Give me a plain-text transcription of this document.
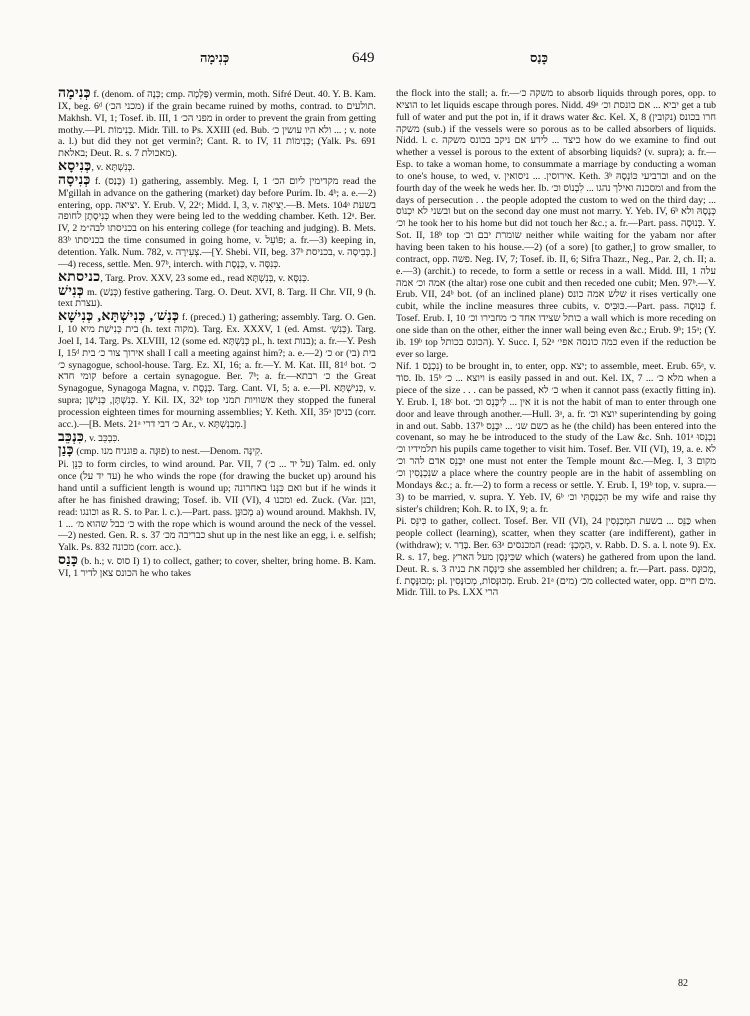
כְּנִימָה	649	כָּנַס

כְּנִימָה f. (denom. of כְּנָה; cmp. פַּלְמָה) vermin, moth. Sifré Deut. 40. Y. B. Kam. IX, beg. 6ᵈ (מכני הכ׳) if the grain became ruined by moths, contrad. to תולעים. Makhsh. VI, 1; Tosef. ib. III, 1 מפני הכ׳ in order to prevent the grain from getting mothy.—Pl. כְּנִימוֹת. Midr. Till. to Ps. XXIII (ed. Bub. ולא היו עושין כ׳ ... ; v. note a. l.) but did they not get vermin?; Cant. R. to IV, 11 כְּנִימוֹת; (Yalk. Ps. 691 באלאת; Deut. R. s. 7 מאכולת).

כְּנִיסָא, v. כְּנִשְׁתָּא.

כְּנִיסָה f. (כָּנַס) 1) gathering, assembly. Meg. I, 1 מקדימין ליום הכ׳ read the M'gillah in advance on the gathering (market) day before Purim. Ib. 4ᵇ; a. e.—2) entering, opp. יציאה. Y. Erub. V, 22ᶜ; Midd. I, 3, v. יְצִיאָה.—B. Mets. 104ᵃ בשעת כְּנִיסָתָן לחופה when they were being led to the wedding chamber. Keth. 12ᵃ. Ber. IV, 2 בכניסתו לבה״מ on his entering college (for teaching and judging). B. Mets. 83ᵇ בכניסתו the time consumed in going home, v. פּוֹעֵל; a. fr.—3) keeping in, detention. Yalk. Num. 782, v. צְעִירָה.—[Y. Shebi. VII, beg. 37ᵇ בכניסת, v. כְּבִיסָה.]—4) recess, settle. Men. 97ᵇ, interch. with כְּנֶסֶת, v. כְּנִסָּה.

כניסתא, Targ. Prov. XXV, 23 some ed., read בְּנִשְׁתָּא, v. כְּנִסָּא.

כְּנִישׁ m. (כְּנַשׁ) festive gathering. Targ. O. Deut. XVI, 8. Targ. II Chr. VII, 9 (h. text עצרת).

כְּנִשׁ׳, כְּנִישְׁתָּא, כְּנִישָׁא f. (preced.) 1) gathering; assembly. Targ. O. Gen. I, 10 בית כְּנִישַׁת מיא (h. text מקוה). Targ. Ex. XXXV, 1 (ed. Amst. כְּנִשְׁ׳). Targ. Joel I, 14. Targ. Ps. XLVIII, 12 (some ed. כְּנִשְׁתָּא pl., h. text בנות); a. fr.—Y. Pesh I, 15ᵈ אירוך צור כ׳ בית shall I call a meeting against him?; a. e.—2) כ׳ or (בי) בית כ׳ synagogue, school-house. Targ. Ez. XI, 16; a. fr.—Y. M. Kat. III, 81ᵈ bot. כ׳ קומי חדא before a certain synagogue. Ber. 7ᵇ; a. fr.—כ׳ רבתא the Great Synagogue, Synagoga Magna, v. כְּנֶסֶת. Targ. Cant. VI, 5; a. e.—Pl. כְּנִישְׁתָּא, v. supra; כְּנִשְׁתָּן, כְּנִישָׁן. Y. Kil. IX, 32ᵇ top אשוויות תמני they stopped the funeral procession eighteen times for mourning assemblies; Y. Keth. XII, 35ᵃ בניסן (corr. acc.).—[B. Mets. 21ᵃ כ׳ דבי דרי Ar., v. מְבַנְשְׁתָּא.]

כִּנְכֵּב, v. כִּבְכֵּב.

כָּנַן (cmp. פוגניח מנו a. פוּגָּה) to nest.—Denom. קִינָּה.

Pi. כִּנֵּן to form circles, to wind around. Par. VII, 7 (על יד ... כ׳) Talm. ed. only once (עד יד על) he who winds the rope (for drawing the bucket up) around his hand until a sufficient length is wound up; ואם כִּנְּנוֹ באחרונה but if he winds it after he has finished drawing; Tosef. ib. VII (VI), 4 ומכנו ed. Zuck. (Var. ובנן, read: וכונגו as R. S. to Par. l. c.).—Part. pass. מְכוּנָּן a) wound around. Makhsh. IV, 1 ... כ׳ כבל שהוא מ׳ with the rope which is wound around the neck of the vessel.—2) nested. Gen. R. s. 37 כבריבה מכ׳ shut up in the nest like an egg, i. e. selfish; Yalk. Ps. 832 מכונה (corr. acc.).

כָּנַס (b. h.; v. סוס I) 1) to collect, gather; to cover, shelter, bring home. B. Kam. VI, 1 הכונס צאן לדיר he who takes

the flock into the stall; a. fr.—משקה כ׳ to absorb liquids through pores, opp. to הוציא to let liquids escape through pores. Nidd. 49ᵃ יביא ... אם כונסת וכ׳ get a tub full of water and put the pot in, if it draws water &c. Kel. X, 8 (נקובין) חרו בכונס משקה (sub.) if the vessels were so porous as to be called absorbers of liquids. Nidd. l. c. כיצד ... לידע אם ניקב בכונס משקה how do we examine to find out whether a vessel is porous to the extent of absorbing liquids? (v. supra); a. fr.—Esp. to take a woman home, to consummate a marriage by conducting a woman to one's house, to wed, v. אירוסין. ... ניסואין. Keth. 3ᵇ וברביעי כּוֹנְסָהּ and on the fourth day of the week he weds her. Ib. ומסכנה ואילך נהגו ... לִבְנוֹס וכ׳ and from the days of persecution . . the people adopted the custom to wed on the third day; ... ובשני לא יִכְנוֹס but on the second day one must not marry. Y. Yeb. IV, 6ᵇ כְּנָסָהּ ולא וכ׳ he took her to his home but did not touch her &c.; a. fr.—Part. pass. כְּנוּסָה. Y. Sot. II, 18ᵇ top שומרת יבם וכ׳ neither while waiting for the yabam nor after having been taken to his house.—2) (of a sore) [to gather,] to grow smaller, to contract, opp. פשה. Neg. IV, 7; Tosef. ib. II, 6; Sifra Thazr., Neg., Par. 2, ch. II; a. e.—3) (archit.) to recede, to form a settle or recess in a wall. Midd. III, 1 עלה אמה וכ׳ אמה (the altar) rose one cubit and then receded one cubit; Men. 97ᵇ.—Y. Erub. VII, 24ᵇ bot. (of an inclined plane) שלש אמה כונס it rises vertically one cubit, while the incline measures three cubits, v. כּוּבִּיס.—Part. pass. כְּנוּסָה f. Tosef. Erub. I, 10 כותל שצידו אחד כ׳ מחבירו וכ׳ a wall which is more receding on one side than on the other, either the inner wall being even &c.; Erub. 9ᵇ; 15ᵃ; (Y. ib. 19ᵇ top הכונס בכותל). Y. Succ. I, 52ᵃ כמה כונסה אפי׳ even if the reduction be ever so large.

Nif. נִכְנַס 1) to be brought in, to enter, opp. יצא; to assemble, meet. Erub. 65ᵃ, v. סוֹד. Ib. 15ᵇ ויוצא ... כ׳ is easily passed in and out. Kel. IX, 7 ... מלא כ׳ when a piece of the size . . . can be passed, כ׳ לא when it cannot pass (exactly fitting in). Y. Erub. I, 18ᶜ bot. אין ... לִיכָּנֵס וכ׳ it is not the habit of man to enter through one door and leave through another.—Hull. 3ᵃ, a. fr. יוצא וכ׳ superintending by going in and out. Sabb. 137ᵇ כשם שנ׳ ... יִכָּנֵס as he (the child) has been entered into the covenant, so may he be introduced to the study of the Law &c. Snh. 101ᵃ נִכְנְסוּ תלמידיו וכ׳ his pupils came together to visit him. Tosef. Ber. VII (VI), 19, a. e. לא יִכָּנֵס אדם להר וכ׳ one must not enter the Temple mount &c.—Meg. I, 3 מקום שנִכְנָסִין וכ׳ a place where the country people are in the habit of assembling on Mondays &c.; a. fr.—2) to form a recess or settle. Y. Erub. I, 19ᵇ top, v. supra.—3) to be married, v. supra. Y. Yeb. IV, 6ᵇ הִכְנַסְתִּי וכ׳ be my wife and raise thy sister's children; Koh. R. to IX, 9; a. fr.

Pi. כִּינֵּס to gather, collect. Tosef. Ber. VII (VI), 24 כַּנֵּס ... בשעת המְכַנְּסִין when people collect (learning), scatter, when they scatter (are indifferent), gather in (withdraw); v. בָּדַר. Ber. 63ᵃ המכנסים (read: הַמְכַנְּ׳, v. Rabb. D. S. a. l. note 9). Ex. R. s. 17, beg. שכִּינְּסָן מעל הארץ which (waters) he gathered from upon the land. Deut. R. s. 3 כִּינְּסָה את בניה she assembled her children; a. fr.—Part. pass. מְכוּנָּס, f. מְכוּנֶּסֶת; pl. מְכוּנָּסוֹת, מְכוּנָּסִין. Erub. 21ᵃ (מים) מכ׳ collected water, opp. מים חיים. Midr. Till. to Ps. LXX הרי

82
